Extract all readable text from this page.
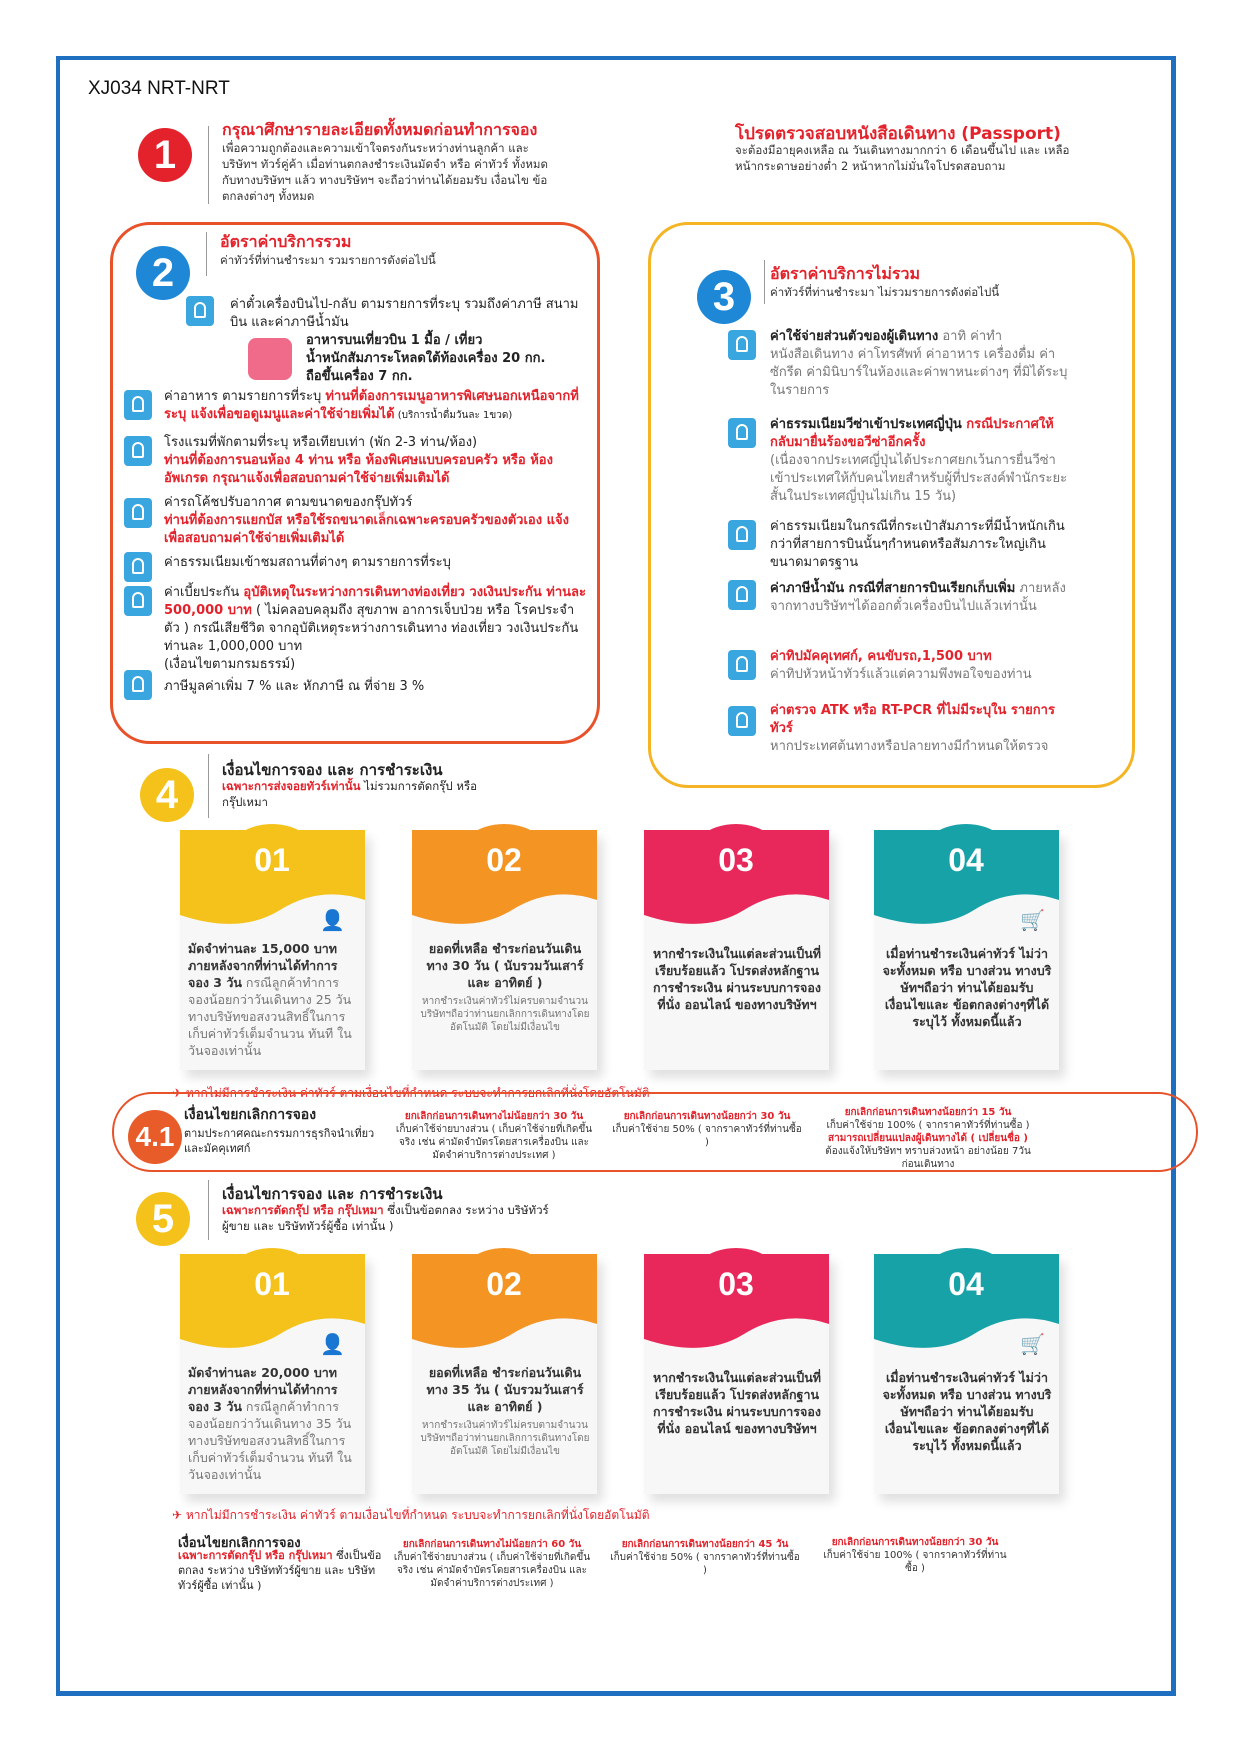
XJ034 NRT-NRT
1
กรุณาศึกษารายละเอียดทั้งหมดก่อนทำการจอง
เพื่อความถูกต้องและความเข้าใจตรงกันระหว่างท่านลูกค้า และ บริษัทฯ ทัวร์คู่ค้า เมื่อท่านตกลงชำระเงินมัดจำ หรือ ค่าทัวร์ ทั้งหมดกับทางบริษัทฯ แล้ว ทางบริษัทฯ จะถือว่าท่านได้ยอมรับ เงื่อนไข ข้อตกลงต่างๆ ทั้งหมด
โปรดตรวจสอบหนังสือเดินทาง (Passport)
จะต้องมีอายุคงเหลือ ณ วันเดินทางมากกว่า 6 เดือนขึ้นไป และ เหลือหน้ากระดาษอย่างต่ำ 2 หน้าหากไม่มั่นใจโปรดสอบถาม
2
อัตราค่าบริการรวม
ค่าทัวร์ที่ท่านชำระมา รวมรายการดังต่อไปนี้
ค่าตั๋วเครื่องบินไป-กลับ ตามรายการที่ระบุ รวมถึงค่าภาษี สนามบิน และค่าภาษีน้ำมัน
อาหารบนเที่ยวบิน 1 มื้อ / เที่ยว
น้ำหนักสัมภาระโหลดใต้ท้องเครื่อง 20 กก.
ถือขึ้นเครื่อง 7 กก.
ค่าอาหาร ตามรายการที่ระบุ ท่านที่ต้องการเมนูอาหารพิเศษนอกเหนือจากที่ระบุ แจ้งเพื่อขอดูเมนูและค่าใช้จ่ายเพิ่มได้ (บริการน้ำดื่มวันละ 1ขวด)
โรงแรมที่พักตามที่ระบุ หรือเทียบเท่า (พัก 2-3 ท่าน/ห้อง)
ท่านที่ต้องการนอนห้อง 4 ท่าน หรือ ห้องพิเศษแบบครอบครัว หรือ ห้องอัพเกรด กรุณาแจ้งเพื่อสอบถามค่าใช้จ่ายเพิ่มเติมได้
ค่ารถโค้ชปรับอากาศ ตามขนาดของกรุ๊ปทัวร์
ท่านที่ต้องการแยกบัส หรือใช้รถขนาดเล็กเฉพาะครอบครัวของตัวเอง แจ้งเพื่อสอบถามค่าใช้จ่ายเพิ่มเติมได้
ค่าธรรมเนียมเข้าชมสถานที่ต่างๆ ตามรายการที่ระบุ
ค่าเบี้ยประกัน อุบัติเหตุในระหว่างการเดินทางท่องเที่ยว วงเงินประกัน ท่านละ 500,000 บาท ( ไม่คลอบคลุมถึง สุขภาพ อาการเจ็บป่วย หรือ โรคประจำตัว ) กรณีเสียชีวิต จากอุบัติเหตุระหว่างการเดินทาง ท่องเที่ยว วงเงินประกันท่านละ 1,000,000 บาท
(เงื่อนไขตามกรมธรรม์)
ภาษีมูลค่าเพิ่ม 7 % และ หักภาษี ณ ที่จ่าย 3 %
3
อัตราค่าบริการไม่รวม
ค่าทัวร์ที่ท่านชำระมา ไม่รวมรายการดังต่อไปนี้
ค่าใช้จ่ายส่วนตัวของผู้เดินทาง อาทิ ค่าทำหนังสือเดินทาง ค่าโทรศัพท์ ค่าอาหาร เครื่องดื่ม ค่าซักรีด ค่ามินิบาร์ในห้องและค่าพาหนะต่างๆ ที่มิได้ระบุในรายการ
ค่าธรรมเนียมวีซ่าเข้าประเทศญี่ปุ่น กรณีประกาศให้กลับมายื่นร้องขอวีซ่าอีกครั้ง
(เนื่องจากประเทศญี่ปุ่นได้ประกาศยกเว้นการยื่นวีซ่าเข้าประเทศให้กับคนไทยสำหรับผู้ที่ประสงค์พำนักระยะสั้นในประเทศญี่ปุ่นไม่เกิน 15 วัน)
ค่าธรรมเนียมในกรณีที่กระเป๋าสัมภาระที่มีน้ำหนักเกินกว่าที่สายการบินนั้นๆกำหนดหรือสัมภาระใหญ่เกินขนาดมาตรฐาน
ค่าภาษีน้ำมัน กรณีที่สายการบินเรียกเก็บเพิ่ม ภายหลังจากทางบริษัทฯได้ออกตั๋วเครื่องบินไปแล้วเท่านั้น
ค่าทิปมัคคุเทศก์, คนขับรถ,1,500 บาท
ค่าทิปหัวหน้าทัวร์แล้วแต่ความพึงพอใจของท่าน
ค่าตรวจ ATK หรือ RT-PCR ที่ไม่มีระบุใน รายการทัวร์
หากประเทศต้นทางหรือปลายทางมีกำหนดให้ตรวจ
4
เงื่อนไขการจอง และ การชำระเงิน
เฉพาะการส่งจอยทัวร์เท่านั้น ไม่รวมการตัดกรุ๊ป หรือ กรุ๊ปเหมา
01
👤
มัดจำท่านละ 15,000 บาท ภายหลังจากที่ท่านได้ทำการ จอง 3 วัน กรณีลูกค้าทำการจองน้อยกว่าวันเดินทาง 25 วัน ทางบริษัทขอสงวนสิทธิ์ในการเก็บค่าทัวร์เต็มจำนวน ทันที ในวันจองเท่านั้น
02
ยอดที่เหลือ ชำระก่อนวันเดินทาง 30 วัน ( นับรวมวันเสาร์ และ อาทิตย์ )
หากชำระเงินค่าทัวร์ไม่ครบตามจำนวน บริษัทฯถือว่าท่านยกเลิกการเดินทางโดยอัตโนมัติ โดยไม่มีเงื่อนไข
03
หากชำระเงินในแต่ละส่วนเป็นที่เรียบร้อยแล้ว โปรดส่งหลักฐาน การชำระเงิน ผ่านระบบการจอง ที่นั่ง ออนไลน์ ของทางบริษัทฯ
04
🛒
เมื่อท่านชำระเงินค่าทัวร์ ไม่ว่าจะทั้งหมด หรือ บางส่วน ทางบริษัทฯถือว่า ท่านได้ยอมรับเงื่อนไขและ ข้อตกลงต่างๆที่ได้ระบุไว้ ทั้งหมดนี้แล้ว
✈ หากไม่มีการชำระเงิน ค่าทัวร์ ตามเงื่อนไขที่กำหนด ระบบจะทำการยกเลิกที่นั่งโดยอัตโนมัติ
4.1
เงื่อนไขยกเลิกการจอง
ตามประกาศคณะกรรมการธุรกิจนำเที่ยว และมัคคุเทศก์
ยกเลิกก่อนการเดินทางไม่น้อยกว่า 30 วัน
เก็บค่าใช้จ่ายบางส่วน ( เก็บค่าใช้จ่ายที่เกิดขึ้นจริง เช่น ค่ามัดจำบัตรโดยสารเครื่องบิน และ มัดจำค่าบริการต่างประเทศ )
ยกเลิกก่อนการเดินทางน้อยกว่า 30 วัน
เก็บค่าใช้จ่าย 50% ( จากราคาทัวร์ที่ท่านซื้อ )
ยกเลิกก่อนการเดินทางน้อยกว่า 15 วัน
เก็บค่าใช้จ่าย 100% ( จากราคาทัวร์ที่ท่านซื้อ )
สามารถเปลี่ยนแปลงผู้เดินทางได้ ( เปลี่ยนชื่อ )
ต้องแจ้งให้บริษัทฯ ทราบล่วงหน้า อย่างน้อย 7วัน ก่อนเดินทาง
5
เงื่อนไขการจอง และ การชำระเงิน
เฉพาะการตัดกรุ๊ป หรือ กรุ๊ปเหมา ซึ่งเป็นข้อตกลง ระหว่าง บริษัทัวร์ผู้ขาย และ บริษัททัวร์ผู้ซื้อ เท่านั้น )
01
👤
มัดจำท่านละ 20,000 บาท ภายหลังจากที่ท่านได้ทำการ จอง 3 วัน กรณีลูกค้าทำการจองน้อยกว่าวันเดินทาง 35 วัน ทางบริษัทขอสงวนสิทธิ์ในการเก็บค่าทัวร์เต็มจำนวน ทันที ในวันจองเท่านั้น
02
ยอดที่เหลือ ชำระก่อนวันเดินทาง 35 วัน ( นับรวมวันเสาร์ และ อาทิตย์ )
หากชำระเงินค่าทัวร์ไม่ครบตามจำนวน บริษัทฯถือว่าท่านยกเลิกการเดินทางโดยอัตโนมัติ โดยไม่มีเงื่อนไข
03
หากชำระเงินในแต่ละส่วนเป็นที่เรียบร้อยแล้ว โปรดส่งหลักฐาน การชำระเงิน ผ่านระบบการจอง ที่นั่ง ออนไลน์ ของทางบริษัทฯ
04
🛒
เมื่อท่านชำระเงินค่าทัวร์ ไม่ว่าจะทั้งหมด หรือ บางส่วน ทางบริษัทฯถือว่า ท่านได้ยอมรับเงื่อนไขและ ข้อตกลงต่างๆที่ได้ระบุไว้ ทั้งหมดนี้แล้ว
✈ หากไม่มีการชำระเงิน ค่าทัวร์ ตามเงื่อนไขที่กำหนด ระบบจะทำการยกเลิกที่นั่งโดยอัตโนมัติ
เงื่อนไขยกเลิกการจอง
เฉพาะการตัดกรุ๊ป หรือ กรุ๊ปเหมา ซึ่งเป็นข้อตกลง ระหว่าง บริษัททัวร์ผู้ขาย และ บริษัททัวร์ผู้ซื้อ เท่านั้น )
ยกเลิกก่อนการเดินทางไม่น้อยกว่า 60 วัน
เก็บค่าใช้จ่ายบางส่วน ( เก็บค่าใช้จ่ายที่เกิดขึ้นจริง เช่น ค่ามัดจำบัตรโดยสารเครื่องบิน และ มัดจำค่าบริการต่างประเทศ )
ยกเลิกก่อนการเดินทางน้อยกว่า 45 วัน
เก็บค่าใช้จ่าย 50% ( จากราคาทัวร์ที่ท่านซื้อ )
ยกเลิกก่อนการเดินทางน้อยกว่า 30 วัน
เก็บค่าใช้จ่าย 100% ( จากราคาทัวร์ที่ท่านซื้อ )
